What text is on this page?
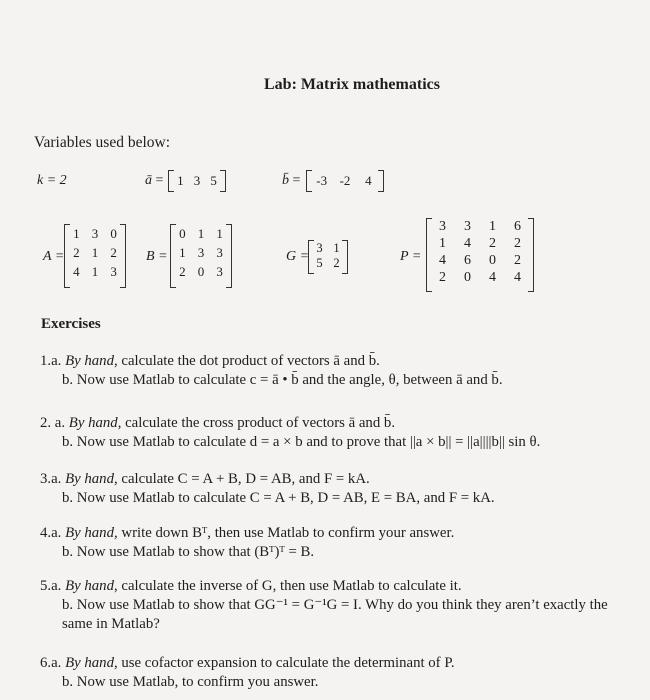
Lab: Matrix mathematics
Variables used below:
k = 2	ā =	1 3 5	b̄ =	-3 -2	4
A =
1 3 0
2 1 2
4 1 3
B =
0 1 1
1 3 3
2 0 3
G =
3 1
5 2	P =
3	3	1	6
1	4	2	2
4	6	0	2
2	0	4	4
Exercises
1.a. By hand, calculate the dot product of vectors ā and b̄.
b. Now use Matlab to calculate c = ā • b̄ and the angle, θ, between ā and b̄.
2. a. By hand, calculate the cross product of vectors ā and b̄.
b. Now use Matlab to calculate d = a × b and to prove that ||a × b|| = ||a||||b|| sin θ.
3.a. By hand, calculate C = A + B, D = AB, and F = kA.
b. Now use Matlab to calculate C = A + B, D = AB, E = BA, and F = kA.
4.a. By hand, write down Bᵀ, then use Matlab to confirm your answer.
b. Now use Matlab to show that (Bᵀ)ᵀ = B.
5.a. By hand, calculate the inverse of G, then use Matlab to calculate it.
b. Now use Matlab to show that GG⁻¹ = G⁻¹G = I. Why do you think they aren’t exactly the
same in Matlab?
6.a. By hand, use cofactor expansion to calculate the determinant of P.
b. Now use Matlab, to confirm you answer.
